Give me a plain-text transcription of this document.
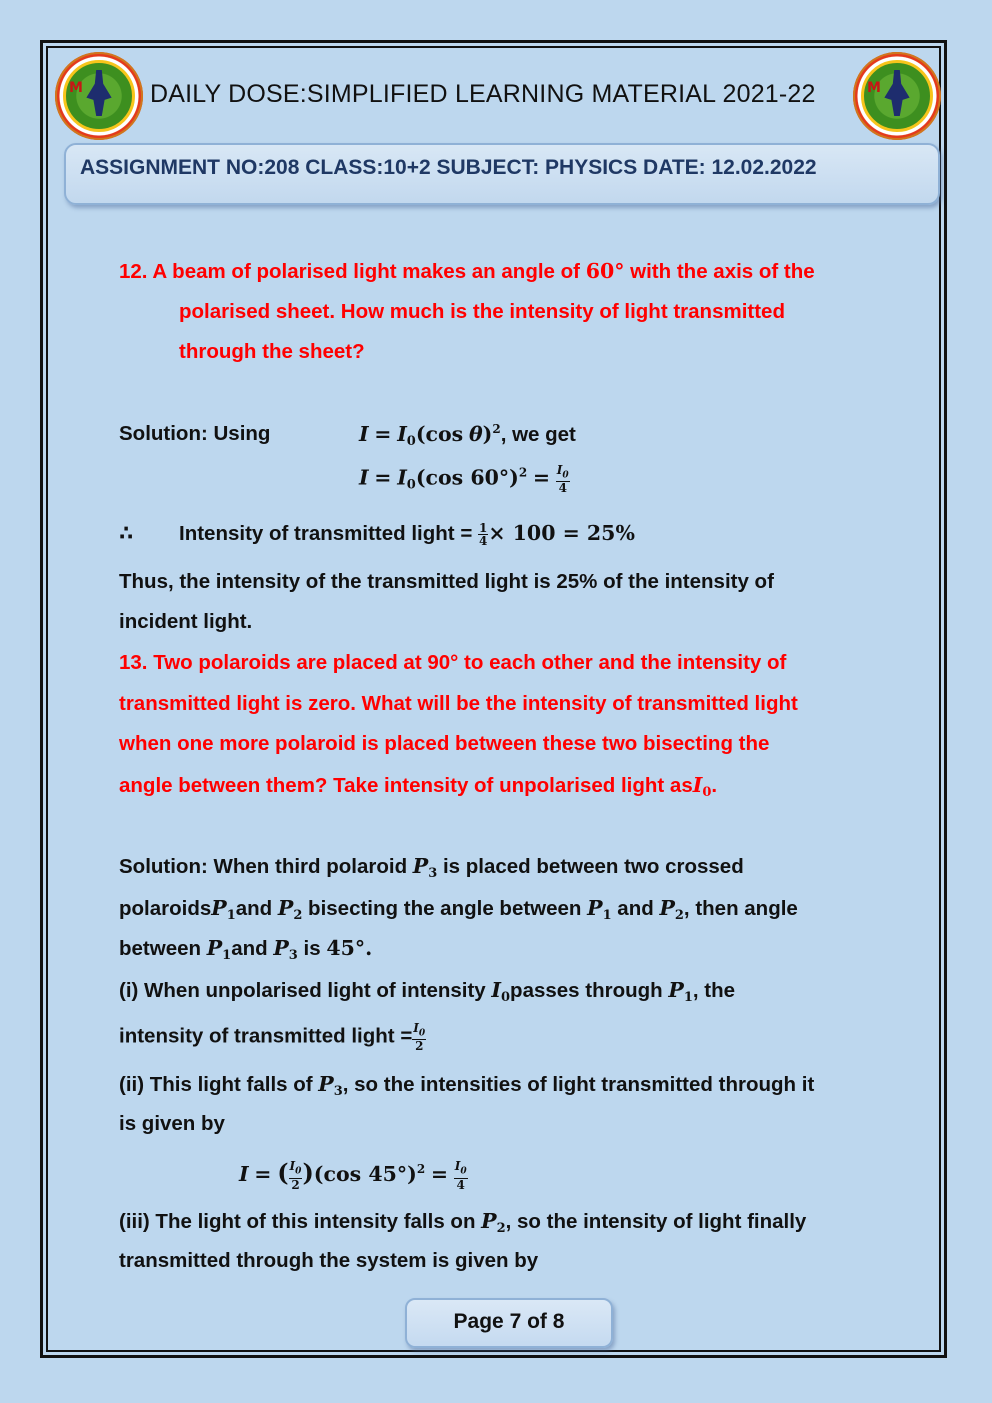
M	M
DAILY DOSE:SIMPLIFIED LEARNING MATERIAL 2021-22
ASSIGNMENT NO:208 CLASS:10+2 SUBJECT: PHYSICS DATE: 12.02.2022
12. A beam of polarised light makes an angle of 60° with the axis of the
polarised sheet. How much is the intensity of light transmitted
through the sheet?
Solution: Using	$I = I_0(\cos$ θ)$^2$, we get
$I = I_0(\cos$ $60^\circ)^2 = \frac{I_0}{4}$
∴ Intensity of transmitted light = $\frac{1}{4} \times 100 = 25\%$
Thus, the intensity of the transmitted light is 25% of the intensity of
incident light.
13. Two polaroids are placed at 90° to each other and the intensity of
transmitted light is zero. What will be the intensity of transmitted light
when one more polaroid is placed between these two bisecting the
angle between them? Take intensity of unpolarised light asI$_0$.
Solution: When third polaroid $P_3$ is placed between two crossed
polaroidsP$_1$and $P_2$ bisecting the angle between $P_1$ and $P_2$, then angle
between $P_1and$ $P_3$ is 45°.
(i) When unpolarised light of intensity $I_0passes$ through $P_1$, the
intensity of transmitted light = $\frac{I_0}{2}$
(ii) This light falls of $P_3$, so the intensities of light transmitted through it
is given by
I = ( $\frac{I_0}{2} )(\cos$ $45^\circ)^2 = \frac{I_0}{4}$
(iii) The light of this intensity falls on $P_2$, so the intensity of light finally
transmitted through the system is given by
Page 7 of 8
